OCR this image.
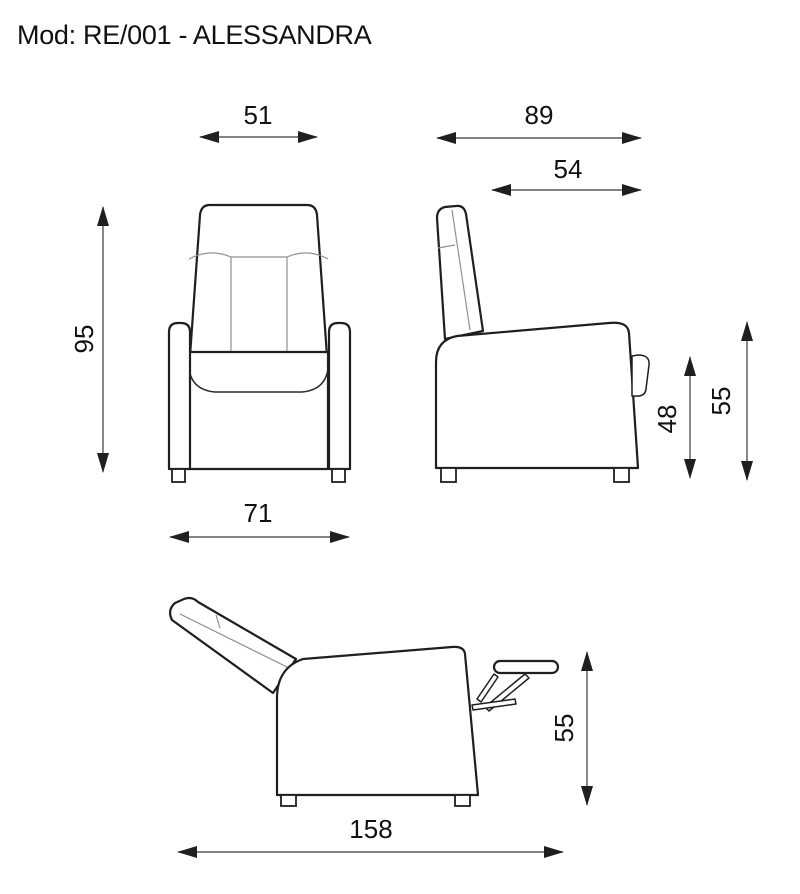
Mod: RE/001 - ALESSANDRA
51
95
71
89
54
48
55
55
158
